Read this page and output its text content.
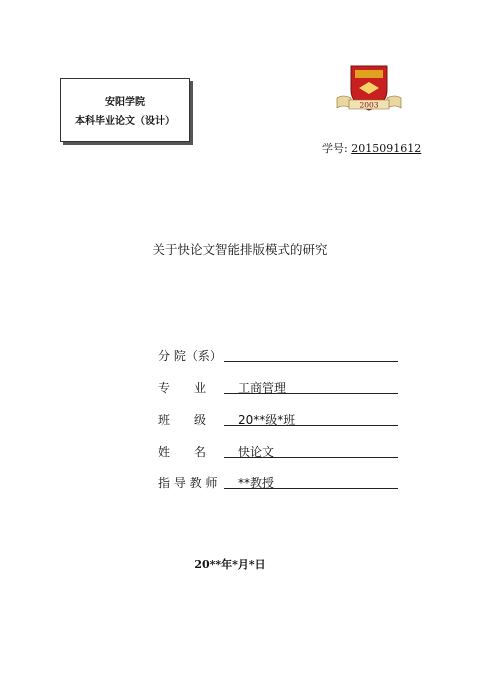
安阳学院
本科毕业论文（设计）
2003
学号: 2015091612
关于快论文智能排版模式的研究
分 院（系）
专　　业	工商管理
班　　级	20**级*班
姓　　名	快论文
指 导 教 师 **教授
20**年*月*日
